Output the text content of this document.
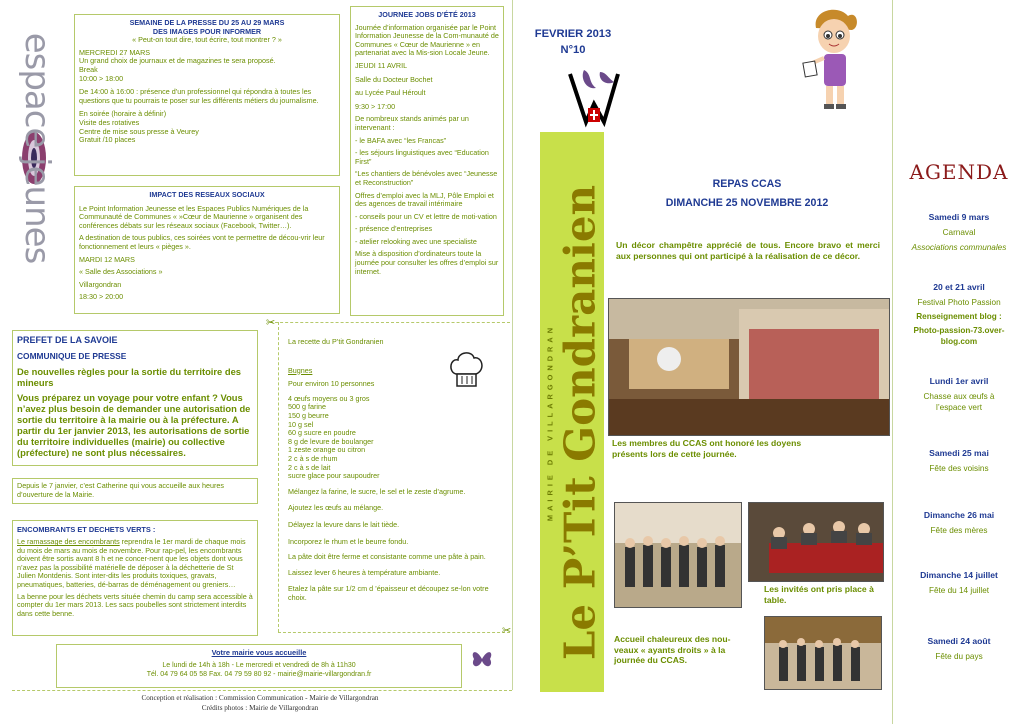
espace jeunes
SEMAINE DE LA PRESSE DU 25 AU 29 MARS
DES IMAGES POUR INFORMER
« Peut-on tout dire, tout écrire, tout montrer ? »
MERCREDI 27 MARS
Un grand choix de journaux et de magazines te sera proposé.
Break
10:00 > 18:00
De 14:00 à 16:00 : présence d’un professionnel qui répondra à toutes les questions que tu pourrais te poser sur les différents métiers du journalisme.
En soirée (horaire à définir)
Visite des rotatives
Centre de mise sous presse à Veurey
Gratuit /10 places
IMPACT DES RESEAUX SOCIAUX
Le Point Information Jeunesse et les Espaces Publics Numériques de la Communauté de Communes « »Cœur de Maurienne » organisent des conférences débats sur les réseaux sociaux (Facebook, Twitter…).
A destination de tous publics, ces soirées vont te permettre de décou-vrir leur fonctionnement et leurs « pièges ».
MARDI 12 MARS
« Salle des Associations »
Villargondran
18:30 > 20:00
JOURNEE JOBS D’ÉTÉ 2013
Journée d’information organisée par le Point Information Jeunesse de la Com-munauté de Communes « Cœur de Maurienne » en partenariat avec la Mis-sion Locale Jeune.
JEUDI 11 AVRIL
Salle du Docteur Bochet
au Lycée Paul Héroult
9:30 > 17:00
De nombreux stands animés par un intervenant :
- le BAFA avec “les Francas”
- les séjours linguistiques avec “Education First”
“Les chantiers de bénévoles avec “Jeunesse et Reconstruction”
Offres d’emploi avec la MLJ, Pôle Emploi et des agences de travail intérimaire
- conseils pour un CV et lettre de moti-vation
- présence d’entreprises
- atelier relooking avec une specialiste
Mise à disposition d’ordinateurs toute la journée pour consulter les offres d’emploi sur internet.
PREFET DE LA SAVOIE
COMMUNIQUE DE PRESSE
De nouvelles règles pour la sortie du territoire des mineurs
Vous préparez un voyage pour votre enfant ? Vous n’avez plus besoin de demander une autorisation de sortie du territoire à la mairie ou à la préfecture. A partir du 1er janvier 2013, les autorisations de sortie du territoire individuelles (mairie) ou collective (préfecture) ne sont plus nécessaires.
Depuis le 7 janvier, c’est Catherine qui vous accueille aux heures d’ouverture de la Mairie.
ENCOMBRANTS ET DECHETS VERTS :
Le ramassage des encombrants reprendra le 1er mardi de chaque mois du mois de mars au mois de novembre. Pour rap-pel, les encombrants doivent être sortis avant 8 h et ne concer-nent que les objets dont vous n’avez pas la possibilité matérielle de déposer à la déchetterie de St Julien Montdenis. Sont inter-dits les produits toxiques, gravats, pneumatiques, batteries, dé-barras de déménagement ou greniers…
La benne pour les déchets verts située chemin du camp sera accessible à compter du 1er mars 2013. Les sacs poubelles sont strictement interdits dans cette benne.
Votre mairie vous accueille
Le lundi de 14h à 18h - Le mercredi et vendredi de 8h à 11h30
Tél. 04 79 64 05 58 Fax. 04 79 59 80 92 - mairie@mairie-villargondran.fr
Conception et réalisation : Commission Communication - Mairie de Villargondran
Crédits photos : Mairie de Villargondran
✂
✂
La recette du P’tit Gondranien
Bugnes
Pour environ 10 personnes
4 œufs moyens ou 3 gros
500 g farine
150 g beurre
10 g sel
60 g sucre en poudre
8 g de levure de boulanger
1 zeste orange ou citron
2 c à s de rhum
2 c à s de lait
sucre glace pour saupoudrer
Mélangez la farine, le sucre, le sel et le zeste d’agrume.
Ajoutez les œufs au mélange.
Délayez la levure dans le lait tiède.
Incorporez le rhum et le beurre fondu.
La pâte doit être ferme et consistante comme une pâte à pain.
Laissez lever 6 heures à température ambiante.
Etalez la pâte sur 1/2 cm d ’épaisseur et découpez se-lon votre choix.
MAIRIE DE VILLARGONDRAN Le P’Tit Gondranien
FEVRIER 2013
N°10
REPAS CCAS
DIMANCHE 25 NOVEMBRE 2012
Un décor champêtre apprécié de tous. Encore bravo et merci aux personnes qui ont participé à la réalisation de ce décor.
Les membres du CCAS ont honoré les doyens présents lors de cette journée.
Les invités ont pris place à table.
Accueil chaleureux des nou-veaux « ayants droits » à la journée du CCAS.
AGENDA
Samedi 9 mars
Carnaval
Associations communales
20 et 21 avril
Festival Photo Passion
Renseignement blog :
Photo-passion-73.over-
blog.com
Lundi 1er avril
Chasse aux œufs à
l’espace vert
Samedi 25 mai
Fête des voisins
Dimanche 26 mai
Fête des mères
Dimanche 14 juillet
Fête du 14 juillet
Samedi 24 août
Fête du pays
